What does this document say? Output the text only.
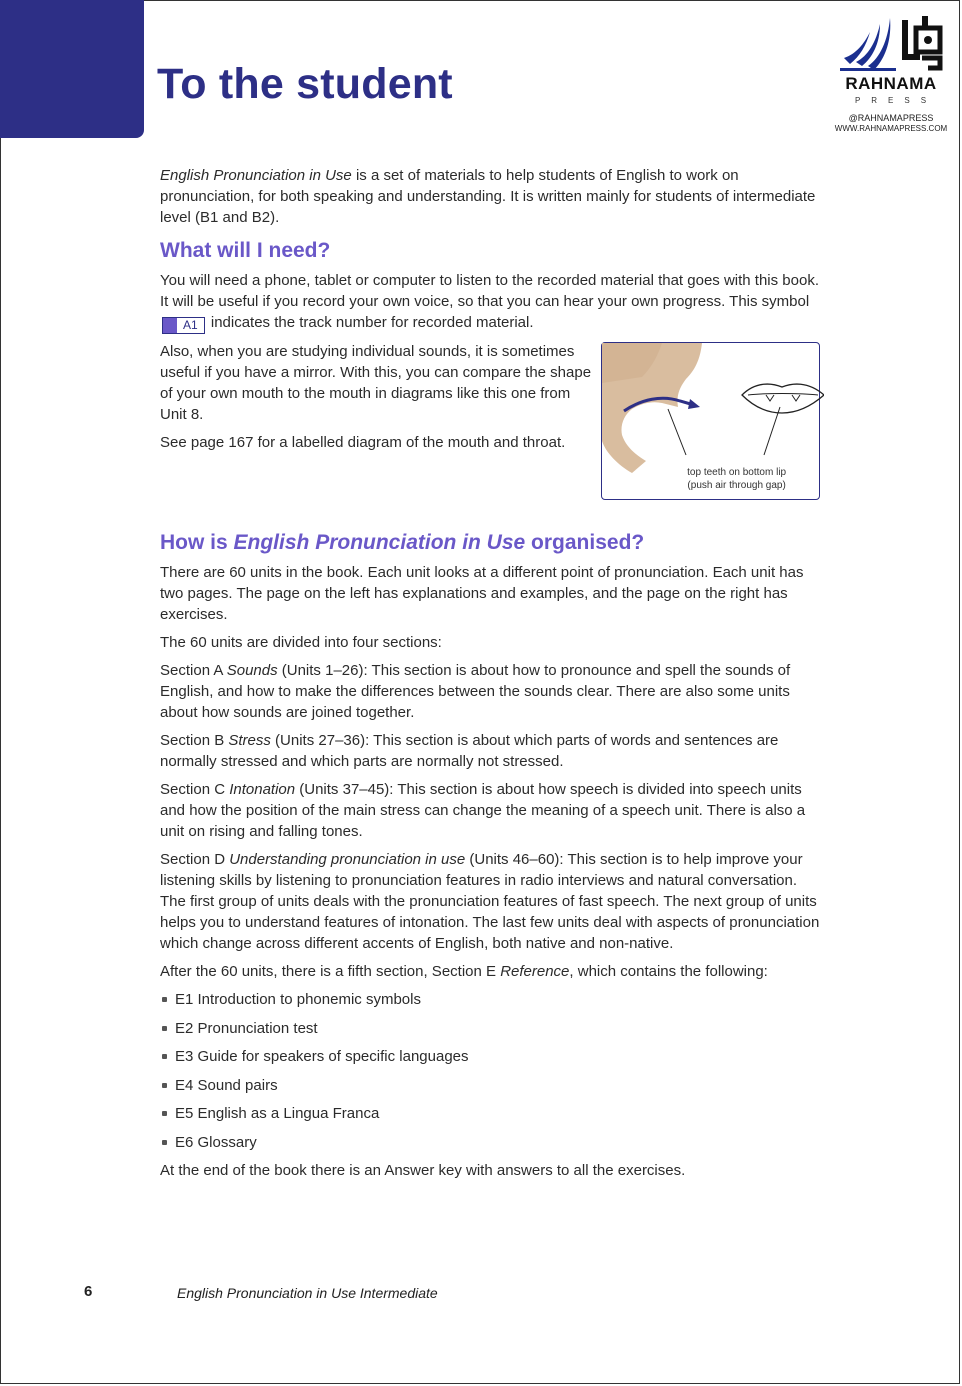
To the student	RAHNAMA
PRESS
@RAHNAMAPRESS
WWW.RAHNAMAPRESS.COM

English Pronunciation in Use is a set of materials to help students of English to work on pronunciation, for both speaking and understanding. It is written mainly for students of intermediate level (B1 and B2).

What will I need?

You will need a phone, tablet or computer to listen to the recorded material that goes with this book. It will be useful if you record your own voice, so that you can hear your own progress. This symbolA1 indicates the track number for recorded material.

Also, when you are studying individual sounds, it is sometimes useful if you have a mirror. With this, you can compare the shape of your own mouth to the mouth in diagrams like this one from Unit 8.

See page 167 for a labelled diagram of the mouth and throat.

top teeth on bottom lip
(push air through gap)
How is English Pronunciation in Use organised?

There are 60 units in the book. Each unit looks at a different point of pronunciation. Each unit has two pages. The page on the left has explanations and examples, and the page on the right has exercises.

The 60 units are divided into four sections:

Section A Sounds (Units 1–26): This section is about how to pronounce and spell the sounds of English, and how to make the differences between the sounds clear. There are also some units about how sounds are joined together.

Section B Stress (Units 27–36): This section is about which parts of words and sentences are normally stressed and which parts are normally not stressed.

Section C Intonation (Units 37–45): This section is about how speech is divided into speech units and how the position of the main stress can change the meaning of a speech unit. There is also a unit on rising and falling tones.

Section D Understanding pronunciation in use (Units 46–60): This section is to help improve your listening skills by listening to pronunciation features in radio interviews and natural conversation. The first group of units deals with the pronunciation features of fast speech. The next group of units helps you to understand features of intonation. The last few units deal with aspects of pronunciation which change across different accents of English, both native and non-native.

After the 60 units, there is a fifth section, Section E Reference, which contains the following:

E1 Introduction to phonemic symbols
E2 Pronunciation test
E3 Guide for speakers of specific languages
E4 Sound pairs
E5 English as a Lingua Franca
E6 Glossary

At the end of the book there is an Answer key with answers to all the exercises.

6	English Pronunciation in Use Intermediate
